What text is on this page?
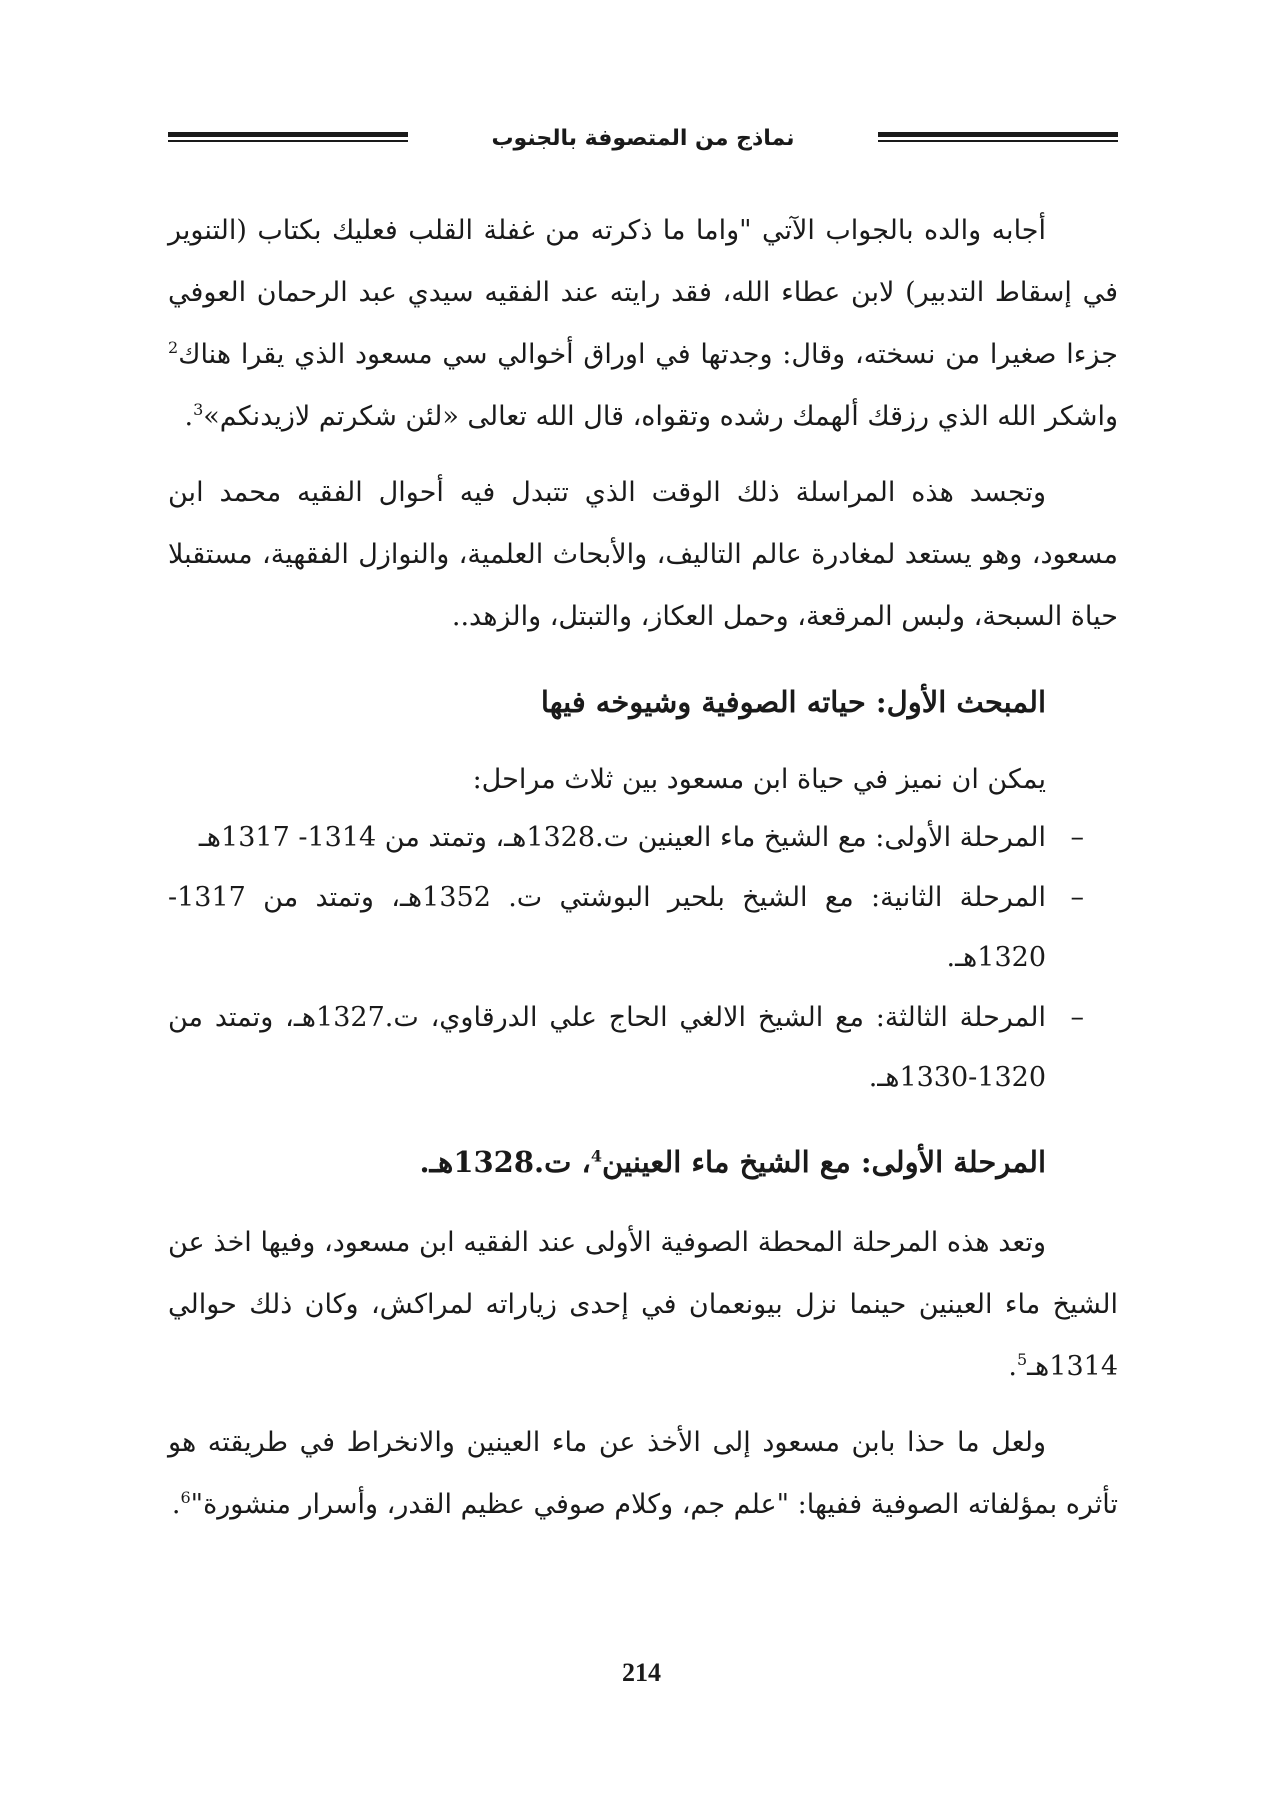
نماذج من المتصوفة بالجنوب

أجابه والده بالجواب الآتي "واما ما ذكرته من غفلة القلب فعليك بكتاب (التنوير في إسقاط التدبير) لابن عطاء الله، فقد رايته عند الفقيه سيدي عبد الرحمان العوفي جزءا صغيرا من نسخته، وقال: وجدتها في اوراق أخوالي سي مسعود الذي يقرا هناك$^2$ واشكر الله الذي رزقك ألهمك رشده وتقواه، قال الله تعالى «لئن شكرتم لازيدنكم»$^3$.

وتجسد هذه المراسلة ذلك الوقت الذي تتبدل فيه أحوال الفقيه محمد ابن مسعود، وهو يستعد لمغادرة عالم التاليف، والأبحاث العلمية، والنوازل الفقهية، مستقبلا حياة السبحة، ولبس المرقعة، وحمل العكاز، والتبتل، والزهد..

المبحث الأول: حياته الصوفية وشيوخه فيها

يمكن ان نميز في حياة ابن مسعود بين ثلاث مراحل:

–
المرحلة الأولى: مع الشيخ ماء العينين ت.1328هـ، وتمتد من 1314- 1317هـ
–
المرحلة الثانية: مع الشيخ بلحير البوشتي ت. 1352هـ، وتمتد من 1317-1320هـ.
–
المرحلة الثالثة: مع الشيخ الالغي الحاج علي الدرقاوي، ت.1327هـ، وتمتد من 1320-1330هـ.
المرحلة الأولى: مع الشيخ ماء العينين$^4$، ت.1328هـ.

وتعد هذه المرحلة المحطة الصوفية الأولى عند الفقيه ابن مسعود، وفيها اخذ عن الشيخ ماء العينين حينما نزل بيونعمان في إحدى زياراته لمراكش، وكان ذلك حوالي 1314هـ$^5$.

ولعل ما حذا بابن مسعود إلى الأخذ عن ماء العينين والانخراط في طريقته هو تأثره بمؤلفاته الصوفية ففيها: "علم جم، وكلام صوفي عظيم القدر، وأسرار منشورة"$^6$.

214
